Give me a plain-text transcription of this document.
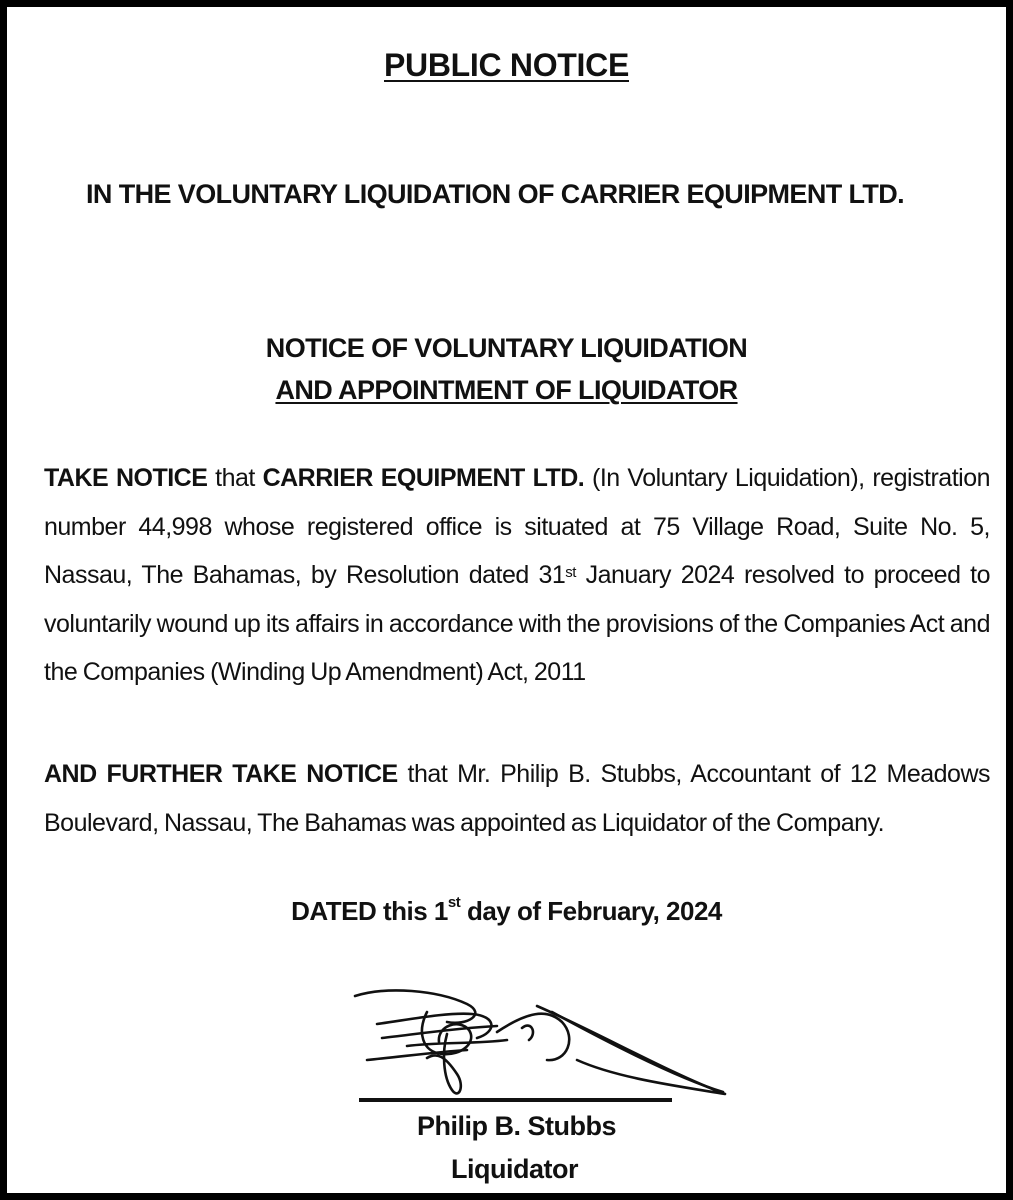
PUBLIC NOTICE
IN THE VOLUNTARY LIQUIDATION OF CARRIER EQUIPMENT LTD.
NOTICE OF VOLUNTARY LIQUIDATION
AND APPOINTMENT OF LIQUIDATOR
TAKE NOTICE that CARRIER EQUIPMENT LTD. (In Voluntary Liquidation), registration number 44,998 whose registered office is situated at 75 Village Road, Suite No. 5, Nassau, The Bahamas, by Resolution dated 31st January 2024 resolved to proceed to voluntarily wound up its affairs in accordance with the provisions of the Companies Act and the Companies (Winding Up Amendment) Act, 2011
AND FURTHER TAKE NOTICE that Mr. Philip B. Stubbs, Accountant of 12 Meadows Boulevard, Nassau, The Bahamas was appointed as Liquidator of the Company.
DATED this 1st day of February, 2024
Philip B. Stubbs
Liquidator
